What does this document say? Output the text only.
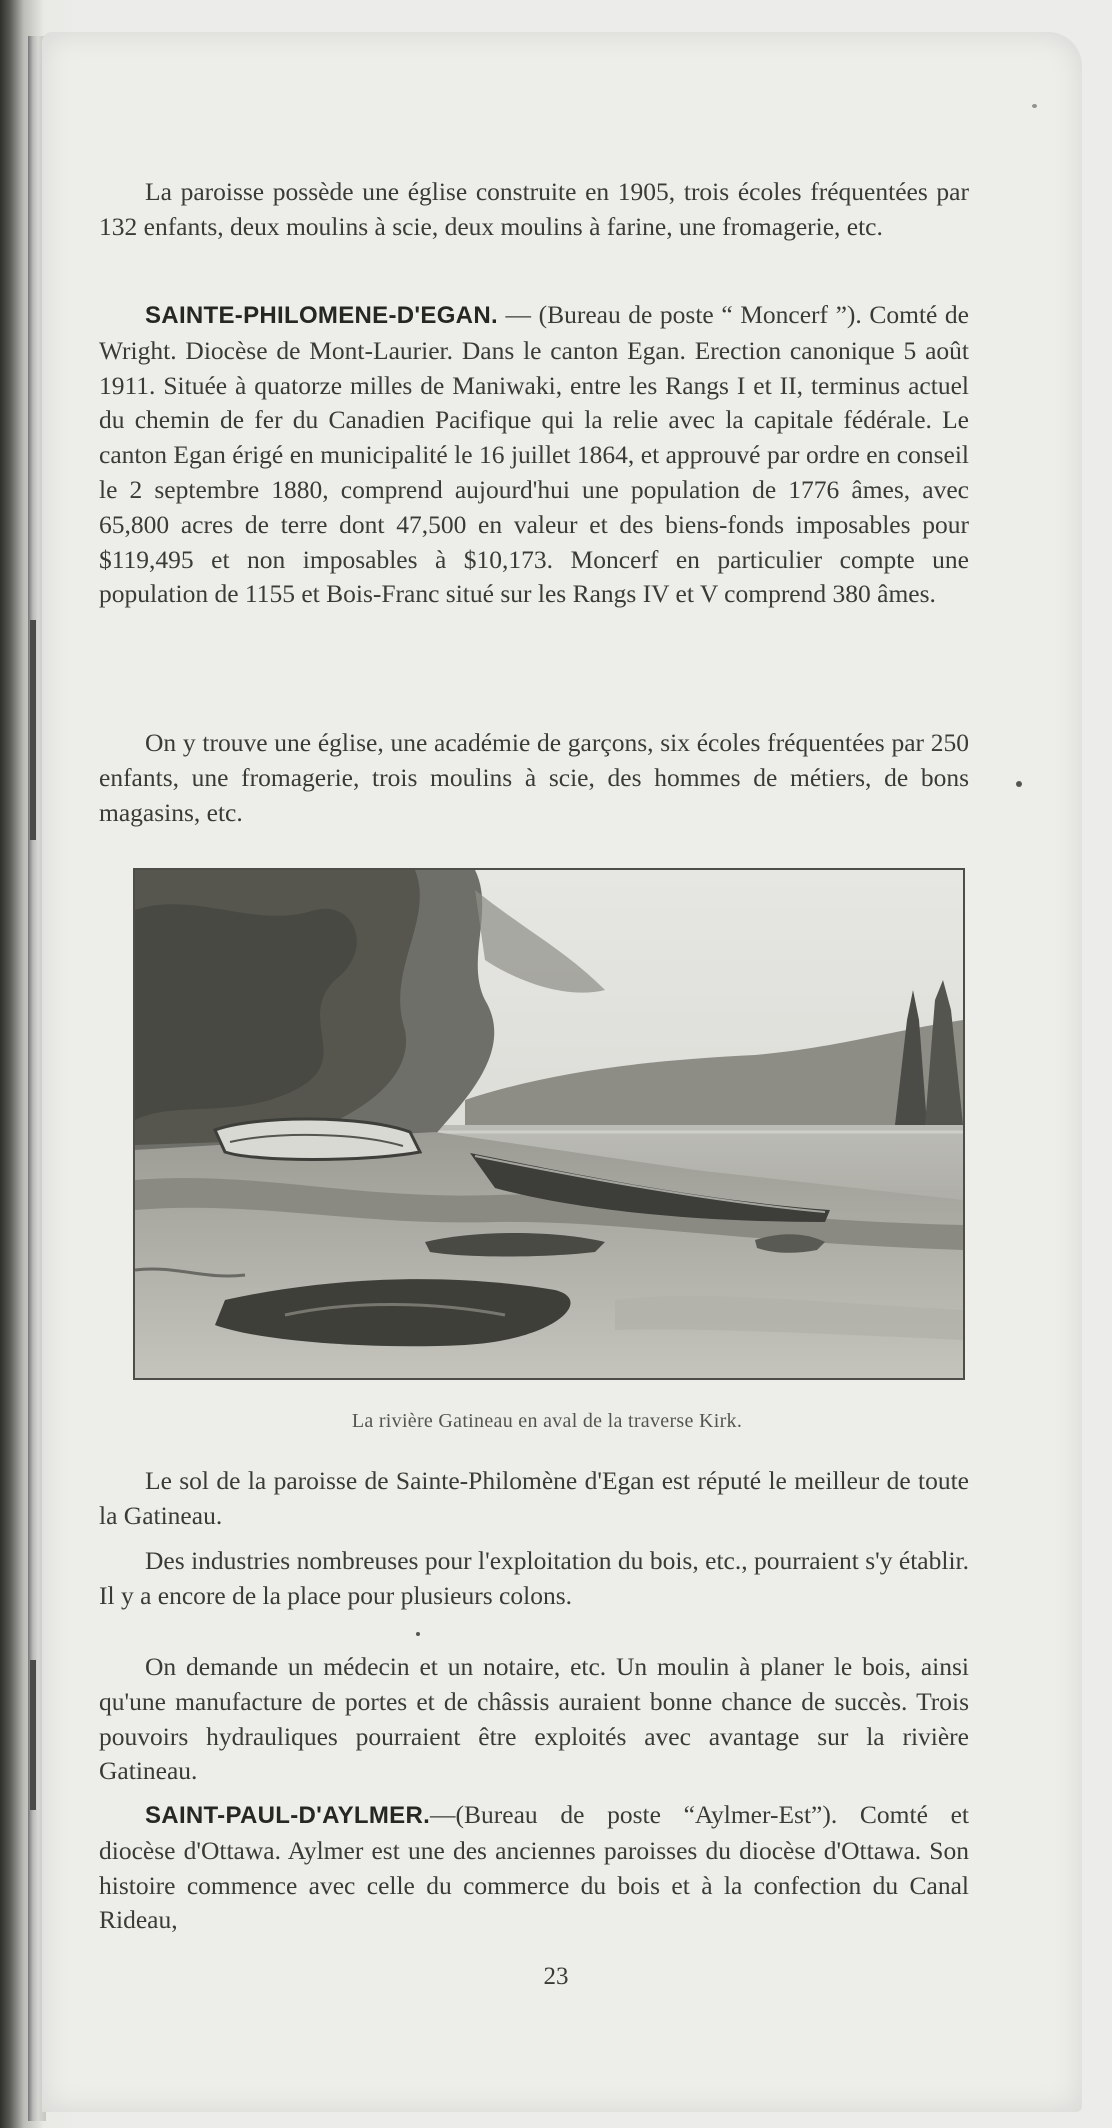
La paroisse possède une église construite en 1905, trois écoles fréquentées par 132 enfants, deux moulins à scie, deux moulins à farine, une fromagerie, etc.

SAINTE-PHILOMENE-D'EGAN. — (Bureau de poste “ Moncerf ”). Comté de Wright. Diocèse de Mont-Laurier. Dans le canton Egan. Erection canonique 5 août 1911. Située à quatorze milles de Maniwaki, entre les Rangs I et II, terminus actuel du chemin de fer du Canadien Pacifique qui la relie avec la capitale fédérale. Le canton Egan érigé en municipalité le 16 juillet 1864, et approuvé par ordre en conseil le 2 septembre 1880, comprend aujourd'hui une population de 1776 âmes, avec 65,800 acres de terre dont 47,500 en valeur et des biens-fonds imposables pour $119,495 et non imposables à $10,173. Moncerf en particulier compte une population de 1155 et Bois-Franc situé sur les Rangs IV et V comprend 380 âmes.

On y trouve une église, une académie de garçons, six écoles fréquentées par 250 enfants, une fromagerie, trois moulins à scie, des hommes de métiers, de bons magasins, etc.

La rivière Gatineau en aval de la traverse Kirk.

Le sol de la paroisse de Sainte-Philomène d'Egan est réputé le meilleur de toute la Gatineau.

Des industries nombreuses pour l'exploitation du bois, etc., pourraient s'y établir. Il y a encore de la place pour plusieurs colons.

On demande un médecin et un notaire, etc. Un moulin à planer le bois, ainsi qu'une manufacture de portes et de châssis auraient bonne chance de succès. Trois pouvoirs hydrauliques pourraient être exploités avec avantage sur la rivière Gatineau.

SAINT-PAUL-D'AYLMER.—(Bureau de poste “Aylmer-Est”). Comté et diocèse d'Ottawa. Aylmer est une des anciennes paroisses du diocèse d'Ottawa. Son histoire commence avec celle du commerce du bois et à la confection du Canal Rideau,

23
